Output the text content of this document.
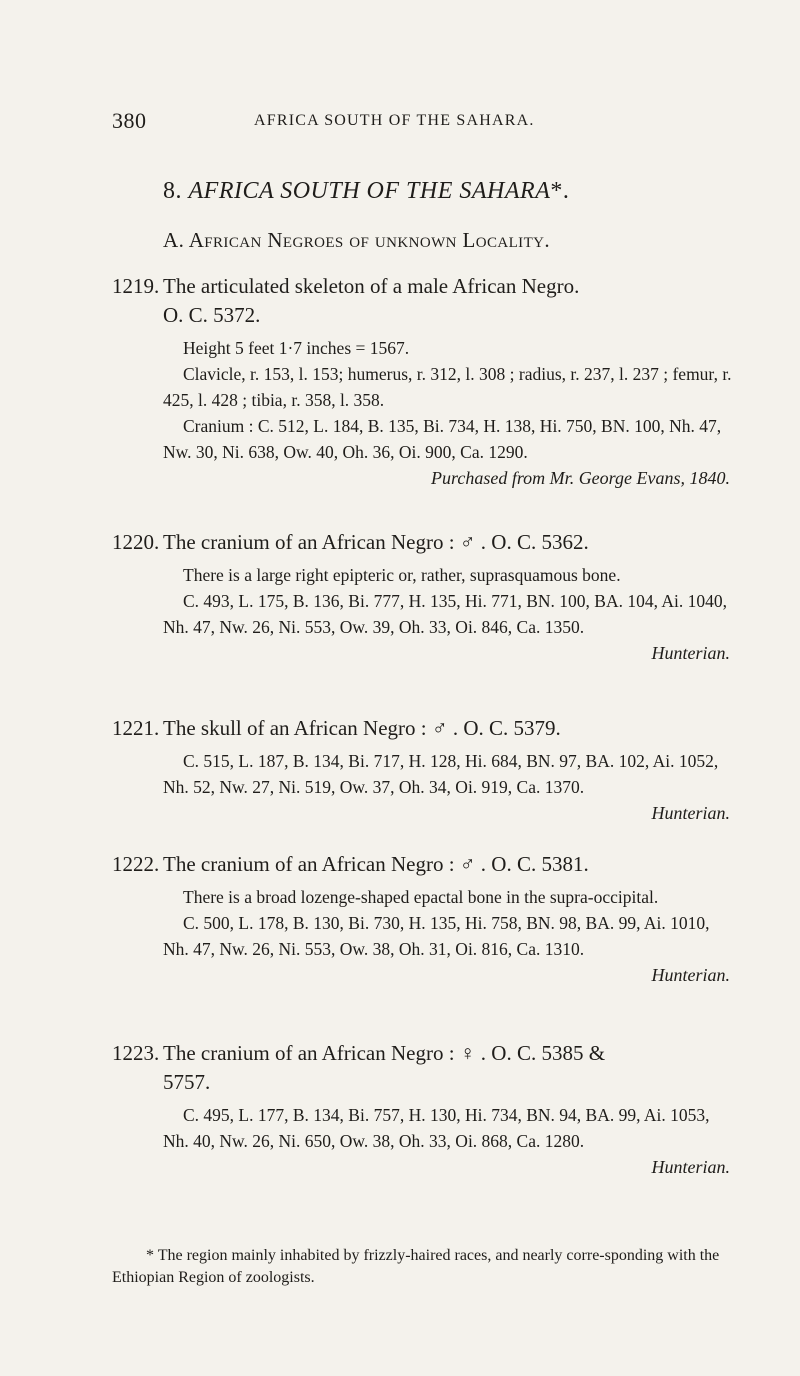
380	AFRICA SOUTH OF THE SAHARA.
8. AFRICA SOUTH OF THE SAHARA*.
A. African Negroes of unknown Locality.
1219. The articulated skeleton of a male African Negro.
O. C. 5372.
Height 5 feet 1·7 inches = 1567.
Clavicle, r. 153, l. 153; humerus, r. 312, l. 308 ; radius, r. 237, l. 237 ; femur, r. 425, l. 428 ; tibia, r. 358, l. 358.
Cranium : C. 512, L. 184, B. 135, Bi. 734, H. 138, Hi. 750, BN. 100, Nh. 47, Nw. 30, Ni. 638, Ow. 40, Oh. 36, Oi. 900, Ca. 1290.
Purchased from Mr. George Evans, 1840.
1220. The cranium of an African Negro : ♂ . O. C. 5362.
There is a large right epipteric or, rather, suprasquamous bone.
C. 493, L. 175, B. 136, Bi. 777, H. 135, Hi. 771, BN. 100, BA. 104, Ai. 1040, Nh. 47, Nw. 26, Ni. 553, Ow. 39, Oh. 33, Oi. 846, Ca. 1350.
Hunterian.
1221. The skull of an African Negro : ♂ . O. C. 5379.
C. 515, L. 187, B. 134, Bi. 717, H. 128, Hi. 684, BN. 97, BA. 102, Ai. 1052, Nh. 52, Nw. 27, Ni. 519, Ow. 37, Oh. 34, Oi. 919, Ca. 1370.
Hunterian.
1222. The cranium of an African Negro : ♂ . O. C. 5381.
There is a broad lozenge-shaped epactal bone in the supra-occipital.
C. 500, L. 178, B. 130, Bi. 730, H. 135, Hi. 758, BN. 98, BA. 99, Ai. 1010, Nh. 47, Nw. 26, Ni. 553, Ow. 38, Oh. 31, Oi. 816, Ca. 1310.
Hunterian.
1223. The cranium of an African Negro : ♀ . O. C. 5385 &
5757.
C. 495, L. 177, B. 134, Bi. 757, H. 130, Hi. 734, BN. 94, BA. 99, Ai. 1053, Nh. 40, Nw. 26, Ni. 650, Ow. 38, Oh. 33, Oi. 868, Ca. 1280.
Hunterian.
* The region mainly inhabited by frizzly-haired races, and nearly corre-sponding with the Ethiopian Region of zoologists.
